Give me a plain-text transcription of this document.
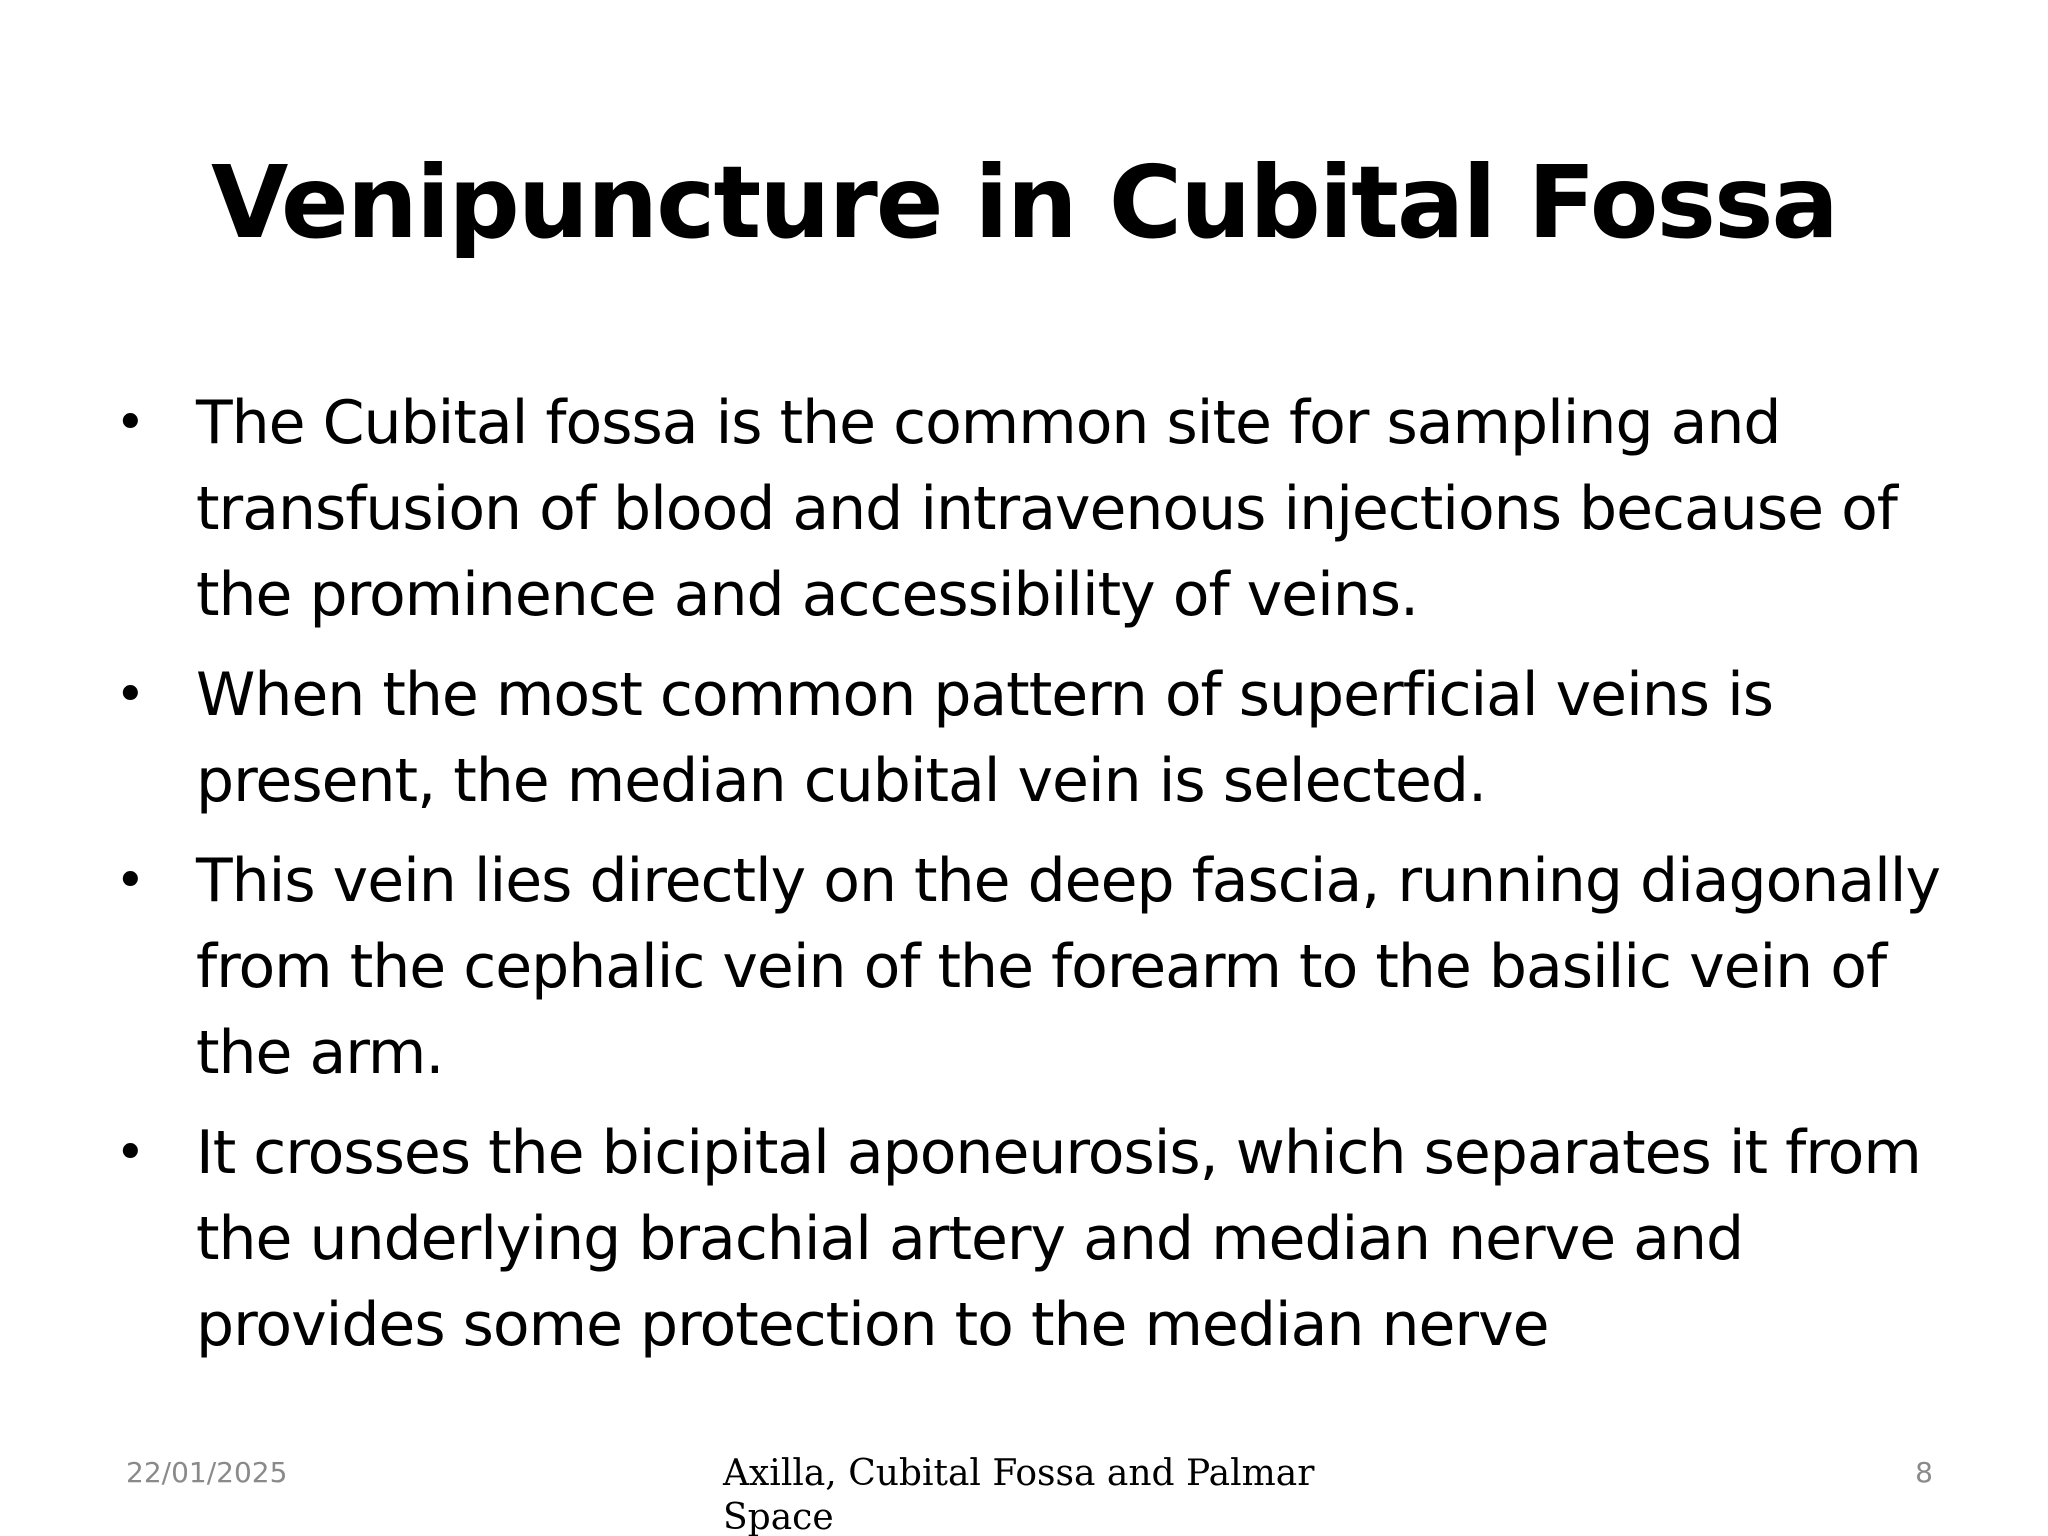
Venipuncture in Cubital Fossa
• The Cubital fossa is the common site for sampling and transfusion of blood and intravenous injections because of the prominence and accessibility of veins.
• When the most common pattern of superficial veins is present, the median cubital vein is selected.
• This vein lies directly on the deep fascia, running diagonally from the cephalic vein of the forearm to the basilic vein of the arm.
• It crosses the bicipital aponeurosis, which separates it from the underlying brachial artery and median nerve and provides some protection to the median nerve
22/01/2025	Axilla, Cubital Fossa and Palmar Space
8
